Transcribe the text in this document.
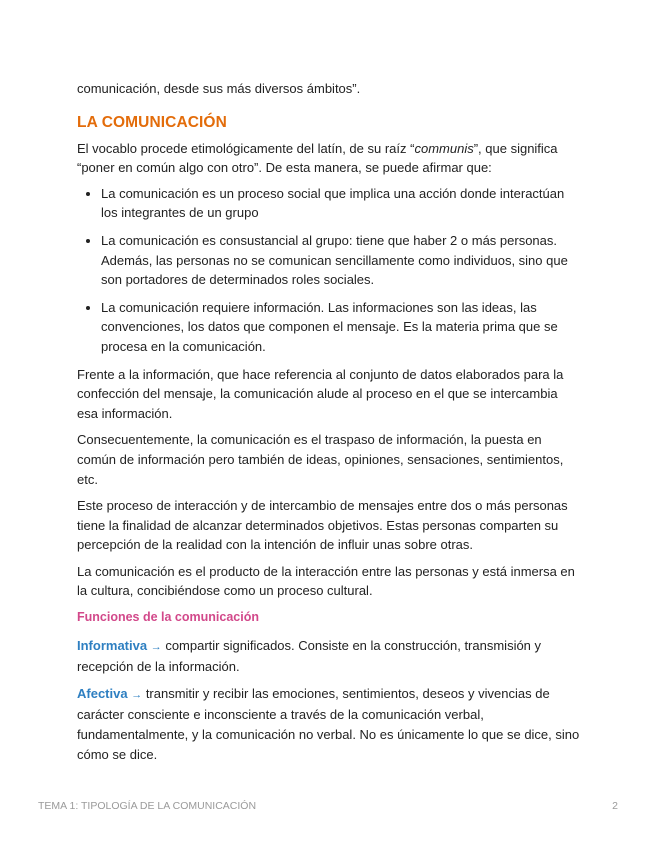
comunicación, desde sus más diversos ámbitos”.

LA COMUNICACIÓN

El vocablo procede etimológicamente del latín, de su raíz “communis”, que significa “poner en común algo con otro”. De esta manera, se puede afirmar que:

• La comunicación es un proceso social que implica una acción donde interactúan los integrantes de un grupo
• La comunicación es consustancial al grupo: tiene que haber 2 o más personas. Además, las personas no se comunican sencillamente como individuos, sino que son portadores de determinados roles sociales.
• La comunicación requiere información. Las informaciones son las ideas, las convenciones, los datos que componen el mensaje. Es la materia prima que se procesa en la comunicación.

Frente a la información, que hace referencia al conjunto de datos elaborados para la confección del mensaje, la comunicación alude al proceso en el que se intercambia esa información.

Consecuentemente, la comunicación es el traspaso de información, la puesta en común de información pero también de ideas, opiniones, sensaciones, sentimientos, etc.

Este proceso de interacción y de intercambio de mensajes entre dos o más personas tiene la finalidad de alcanzar determinados objetivos. Estas personas comparten su percepción de la realidad con la intención de influir unas sobre otras.

La comunicación es el producto de la interacción entre las personas y está inmersa en la cultura, concibiéndose como un proceso cultural.

Funciones de la comunicación

Informativa → compartir significados. Consiste en la construcción, transmisión y recepción de la información.

Afectiva → transmitir y recibir las emociones, sentimientos, deseos y vivencias de carácter consciente e inconsciente a través de la comunicación verbal, fundamentalmente, y la comunicación no verbal. No es únicamente lo que se dice, sino cómo se dice.

TEMA 1: TIPOLOGÍA DE LA COMUNICACIÓN	2
